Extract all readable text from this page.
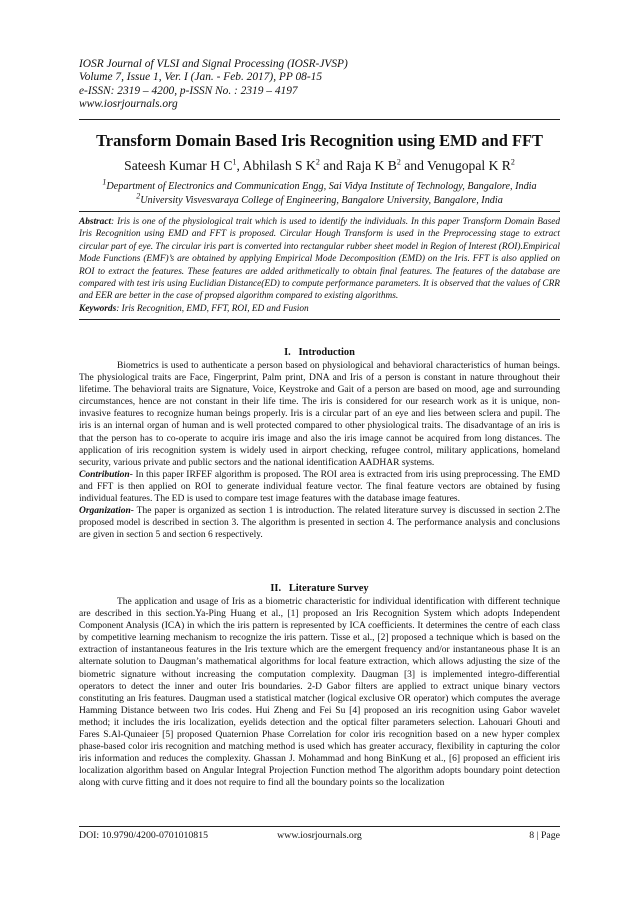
IOSR Journal of VLSI and Signal Processing (IOSR-JVSP)
Volume 7, Issue 1, Ver. I (Jan. - Feb. 2017), PP 08-15
e-ISSN: 2319 – 4200, p-ISSN No. : 2319 – 4197
www.iosrjournals.org
Transform Domain Based Iris Recognition using EMD and FFT
Sateesh Kumar H $C^1$, Abhilash S $K^2$ and Raja K $B^2$ and Venugopal K $R^2$
$^1$Department of Electronics and Communication Engg, Sai Vidya Institute of Technology, Bangalore, India
$^2$University Visvesvaraya College of Engineering, Bangalore University, Bangalore, India
Abstract: Iris is one of the physiological trait which is used to identify the individuals. In this paper Transform Domain Based Iris Recognition using EMD and FFT is proposed. Circular Hough Transform is used in the Preprocessing stage to extract circular part of eye. The circular iris part is converted into rectangular rubber sheet model in Region of Interest (ROI).Empirical Mode Functions (EMF)’s are obtained by applying Empirical Mode Decomposition (EMD) on the Iris. FFT is also applied on ROI to extract the features. These features are added arithmetically to obtain final features. The features of the database are compared with test iris using Euclidian Distance(ED) to compute performance parameters. It is observed that the values of CRR and EER are better in the case of propsed algorithm compared to existing algorithms.
Keywords: Iris Recognition, EMD, FFT, ROI, ED and Fusion
I.   Introduction

Biometrics is used to authenticate a person based on physiological and behavioral characteristics of human beings. The physiological traits are Face, Fingerprint, Palm print, DNA and Iris of a person is constant in nature throughout their lifetime. The behavioral traits are Signature, Voice, Keystroke and Gait of a person are based on mood, age and surrounding circumstances, hence are not constant in their life time. The iris is considered for our research work as it is unique, non-invasive features to recognize human beings properly. Iris is a circular part of an eye and lies between sclera and pupil. The iris is an internal organ of human and is well protected compared to other physiological traits. The disadvantage of an iris is that the person has to co-operate to acquire iris image and also the iris image cannot be acquired from long distances. The application of iris recognition system is widely used in airport checking, refugee control, military applications, homeland security, various private and public sectors and the national identification AADHAR systems.

Contribution- In this paper IRFEF algorithm is proposed. The ROI area is extracted from iris using preprocessing. The EMD and FFT is then applied on ROI to generate individual feature vector. The final feature vectors are obtained by fusing individual features. The ED is used to compare test image features with the database image features.

Organization- The paper is organized as section 1 is introduction. The related literature survey is discussed in section 2.The proposed model is described in section 3. The algorithm is presented in section 4. The performance analysis and conclusions are given in section 5 and section 6 respectively.

II.   Literature Survey

The application and usage of Iris as a biometric characteristic for individual identification with different technique are described in this section.Ya-Ping Huang et al., [1] proposed an Iris Recognition System which adopts Independent Component Analysis (ICA) in which the iris pattern is represented by ICA coefficients. It determines the centre of each class by competitive learning mechanism to recognize the iris pattern. Tisse et al., [2] proposed a technique which is based on the extraction of instantaneous features in the Iris texture which are the emergent frequency and/or instantaneous phase It is an alternate solution to Daugman’s mathematical algorithms for local feature extraction, which allows adjusting the size of the biometric signature without increasing the computation complexity. Daugman [3] is implemented integro-differential operators to detect the inner and outer Iris boundaries. 2-D Gabor filters are applied to extract unique binary vectors constituting an Iris features. Daugman used a statistical matcher (logical exclusive OR operator) which computes the average Hamming Distance between two Iris codes. Hui Zheng and Fei Su [4] proposed an iris recognition using Gabor wavelet method; it includes the iris localization, eyelids detection and the optical filter parameters selection. Lahouari Ghouti and Fares S.Al-Qunaieer [5] proposed Quaternion Phase Correlation for color iris recognition based on a new hyper complex phase-based color iris recognition and matching method is used which has greater accuracy, flexibility in capturing the color iris information and reduces the complexity. Ghassan J. Mohammad and hong BinKung et al., [6] proposed an efficient iris localization algorithm based on Angular Integral Projection Function method The algorithm adopts boundary point detection along with curve fitting and it does not require to find all the boundary points so the localization

DOI: 10.9790/4200-0701010815	www.iosrjournals.org	8 | Page
